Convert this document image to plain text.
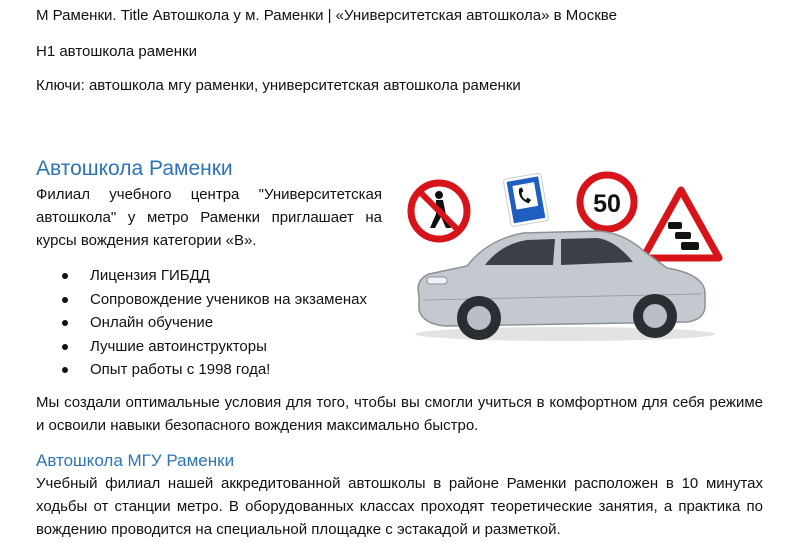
М Раменки. Title Автошкола у м. Раменки | «Университетская автошкола» в Москве
H1 автошкола раменки
Ключи: автошкола мгу раменки, университетская автошкола раменки
Автошкола Раменки

Филиал учебного центра "Университетская автошкола" у метро Раменки приглашает на курсы вождения категории «В».

Лицензия ГИБДД
Сопровождение учеников на экзаменах
Онлайн обучение
Лучшие автоинструкторы
Опыт работы с 1998 года!
50

Мы создали оптимальные условия для того, чтобы вы смогли учиться в комфортном для себя режиме и освоили навыки безопасного вождения максимально быстро.

Автошкола МГУ Раменки

Учебный филиал нашей аккредитованной автошколы в районе Раменки расположен в 10 минутах ходьбы от станции метро. В оборудованных классах проходят теоретические занятия, а практика по вождению проводится на специальной площадке с эстакадой и разметкой.
